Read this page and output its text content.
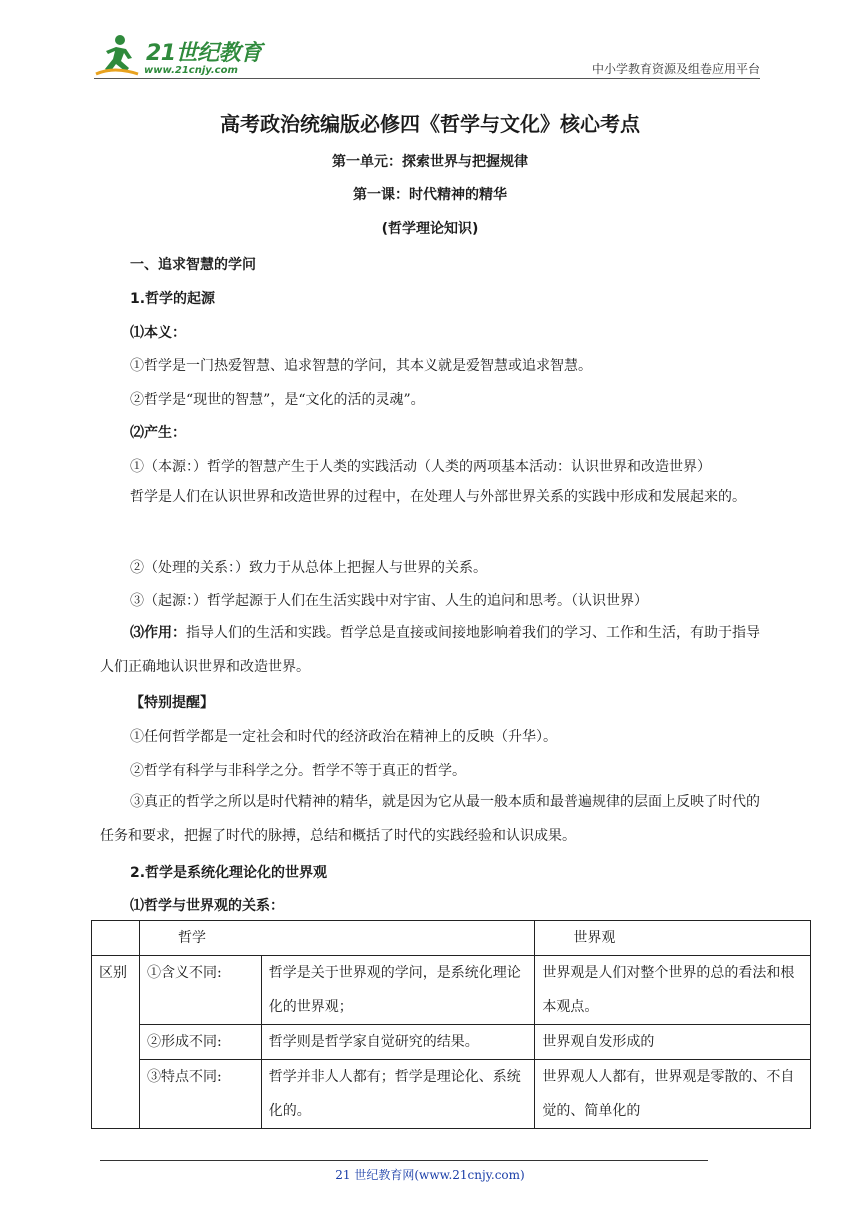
21世纪教育
www.21cnjy.com	中小学教育资源及组卷应用平台
高考政治统编版必修四《哲学与文化》核心考点
第一单元：探索世界与把握规律
第一课：时代精神的精华
(哲学理论知识)
一、追求智慧的学问
1.哲学的起源
⑴本义：
①哲学是一门热爱智慧、追求智慧的学问，其本义就是爱智慧或追求智慧。
②哲学是“现世的智慧”，是“文化的活的灵魂”。
⑵产生：
①（本源：）哲学的智慧产生于人类的实践活动（人类的两项基本活动：认识世界和改造世界）
哲学是人们在认识世界和改造世界的过程中，在处理人与外部世界关系的实践中形成和发展起来的。
②（处理的关系：）致力于从总体上把握人与世界的关系。
③（起源：）哲学起源于人们在生活实践中对宇宙、人生的追问和思考。（认识世界）
⑶作用：指导人们的生活和实践。哲学总是直接或间接地影响着我们的学习、工作和生活，有助于指导人们正确地认识世界和改造世界。
【特别提醒】
①任何哲学都是一定社会和时代的经济政治在精神上的反映（升华）。
②哲学有科学与非科学之分。哲学不等于真正的哲学。
③真正的哲学之所以是时代精神的精华，就是因为它从最一般本质和最普遍规律的层面上反映了时代的任务和要求，把握了时代的脉搏，总结和概括了时代的实践经验和认识成果。
2.哲学是系统化理论化的世界观
⑴哲学与世界观的关系：
	哲学		世界观
区别	①含义不同:	哲学是关于世界观的学问，是系统化理论化的世界观；	世界观是人们对整个世界的总的看法和根本观点。
	②形成不同:	哲学则是哲学家自觉研究的结果。	世界观自发形成的
	③特点不同:	哲学并非人人都有；哲学是理论化、系统化的。	世界观人人都有，世界观是零散的、不自觉的、简单化的
21 世纪教育网(www.21cnjy.com)
